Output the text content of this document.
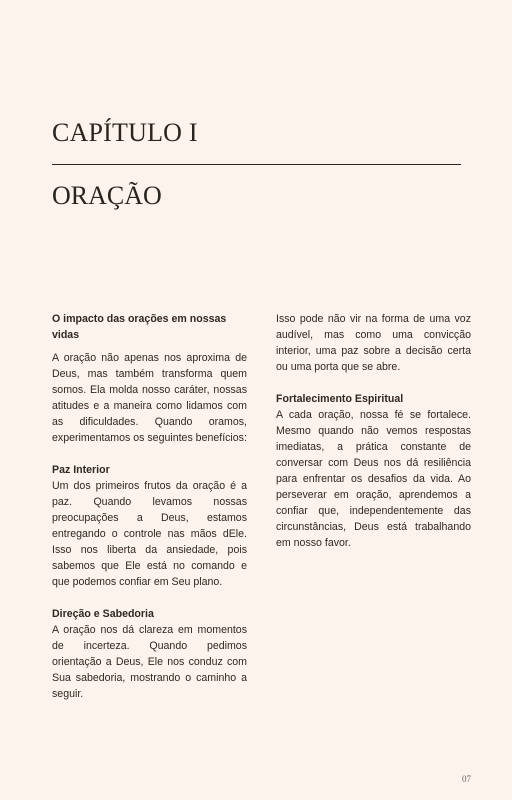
CAPÍTULO I
ORAÇÃO
O impacto das orações em nossas vidas

A oração não apenas nos aproxima de Deus, mas também transforma quem somos. Ela molda nosso caráter, nossas atitudes e a maneira como lidamos com as dificuldades. Quando oramos, experimentamos os seguintes benefícios:

Paz Interior

Um dos primeiros frutos da oração é a paz. Quando levamos nossas preocupações a Deus, estamos entregando o controle nas mãos dEle. Isso nos liberta da ansiedade, pois sabemos que Ele está no comando e que podemos confiar em Seu plano.

Direção e Sabedoria

A oração nos dá clareza em momentos de incerteza. Quando pedimos orientação a Deus, Ele nos conduz com Sua sabedoria, mostrando o caminho a seguir.

Isso pode não vir na forma de uma voz audível, mas como uma convicção interior, uma paz sobre a decisão certa ou uma porta que se abre.

Fortalecimento Espiritual

A cada oração, nossa fé se fortalece. Mesmo quando não vemos respostas imediatas, a prática constante de conversar com Deus nos dá resiliência para enfrentar os desafios da vida. Ao perseverar em oração, aprendemos a confiar que, independentemente das circunstâncias, Deus está trabalhando em nosso favor.

07
